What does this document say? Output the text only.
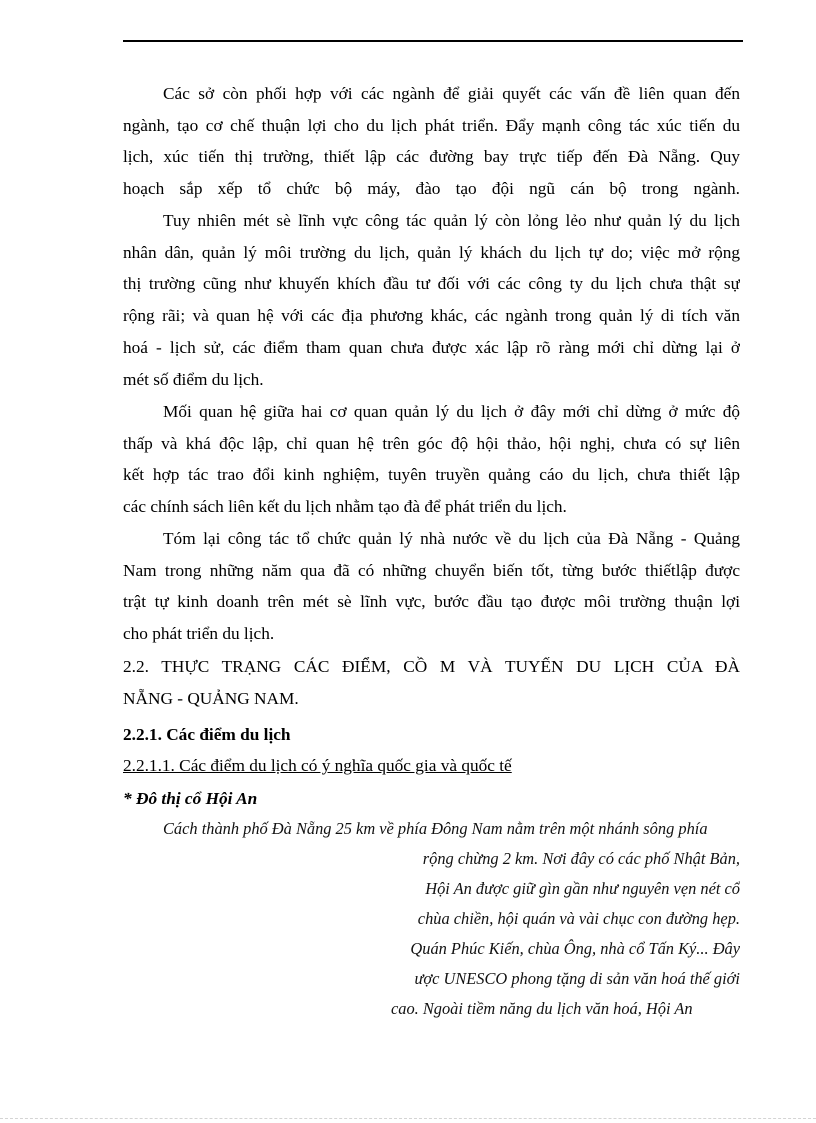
Các sở còn phối hợp với các ngành để giải quyết các vấn đề liên quan đến
ngành, tạo cơ chế thuận lợi cho du lịch phát triển. Đẩy mạnh công tác xúc tiến du
lịch, xúc tiến thị trường, thiết lập các đường bay trực tiếp đến Đà Nẵng. Quy
hoạch sắp xếp tổ chức bộ máy, đào tạo đội ngũ cán bộ trong ngành.
Tuy nhiên mét sè lĩnh vực công tác quản lý còn lỏng lẻo như quản lý du lịch
nhân dân, quản lý môi trường du lịch, quản lý khách du lịch tự do; việc mở rộng
thị trường cũng như khuyến khích đầu tư đối với các công ty du lịch chưa thật sự
rộng rãi; và quan hệ với các địa phương khác, các ngành trong quản lý di tích văn
hoá - lịch sử, các điểm tham quan chưa được xác lập rõ ràng mới chỉ dừng lại ở
mét số điểm du lịch.
Mối quan hệ giữa hai cơ quan quản lý du lịch ở đây mới chỉ dừng ở mức độ
thấp và khá độc lập, chỉ quan hệ trên góc độ hội thảo, hội nghị, chưa có sự liên
kết hợp tác trao đổi kinh nghiệm, tuyên truyền quảng cáo du lịch, chưa thiết lập
các chính sách liên kết du lịch nhằm tạo đà để phát triển du lịch.
Tóm lại công tác tổ chức quản lý nhà nước về du lịch của Đà Nẵng - Quảng
Nam trong những năm qua đã có những chuyển biến tốt, từng bước thiếtlập được
trật tự kinh doanh trên mét sè lĩnh vực, bước đầu tạo được môi trường thuận lợi
cho phát triển du lịch.
2.2. THỰC TRẠNG CÁC ĐIỂM, CỒ M VÀ TUYẾN DU LỊCH CỦA ĐÀ
NẴNG - QUẢNG NAM.
2.2.1. Các điểm du lịch
2.2.1.1. Các điểm du lịch có ý nghĩa quốc gia và quốc tế
* Đô thị cổ Hội An
Cách thành phố Đà Nẵng 25 km về phía Đông Nam nằm trên một nhánh sông phía
rộng chừng 2 km. Nơi đây có các phố Nhật Bản,
Hội An được giữ gìn gần như nguyên vẹn nét cổ
chùa chiền, hội quán và vài chục con đường hẹp.
Quán Phúc Kiến, chùa Ông, nhà cổ Tấn Ký... Đây
ược UNESCO phong tặng di sản văn hoá thế giới
cao. Ngoài tiềm năng du lịch văn hoá, Hội An
